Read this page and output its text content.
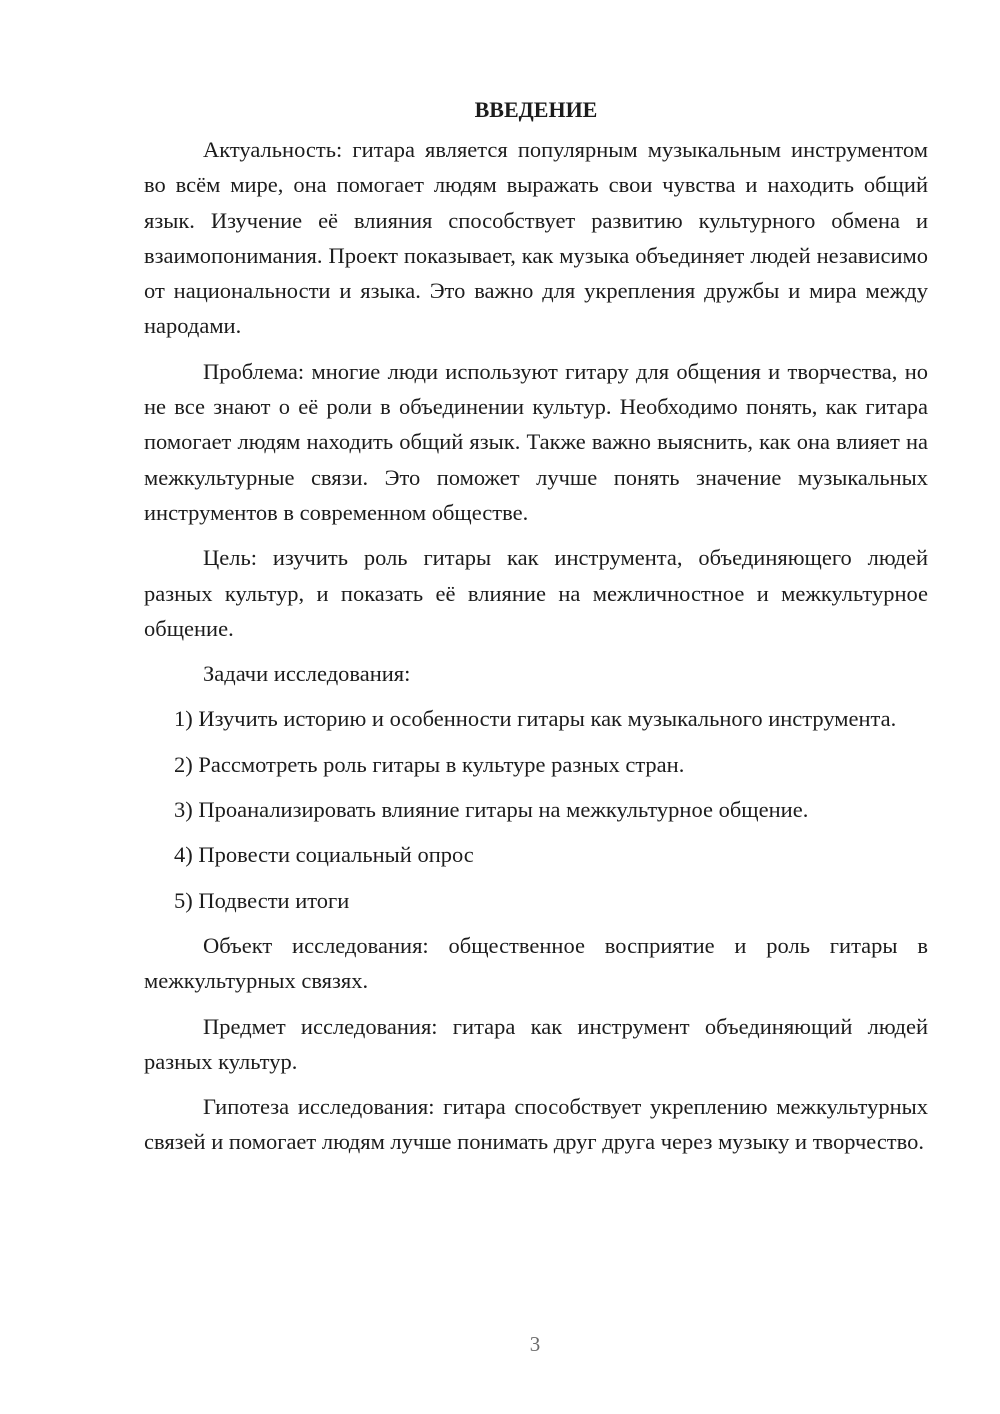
ВВЕДЕНИЕ

Актуальность: гитара является популярным музыкальным инструментом во всём мире, она помогает людям выражать свои чувства и находить общий язык. Изучение её влияния способствует развитию культурного обмена и взаимопонимания. Проект показывает, как музыка объединяет людей независимо от национальности и языка. Это важно для укрепления дружбы и мира между народами.

Проблема: многие люди используют гитару для общения и творчества, но не все знают о её роли в объединении культур. Необходимо понять, как гитара помогает людям находить общий язык. Также важно выяснить, как она влияет на межкультурные связи. Это поможет лучше понять значение музыкальных инструментов в современном обществе.

Цель: изучить роль гитары как инструмента, объединяющего людей разных культур, и показать её влияние на межличностное и межкультурное общение.

Задачи исследования:

1) Изучить историю и особенности гитары как музыкального инструмента.

2) Рассмотреть роль гитары в культуре разных стран.

3) Проанализировать влияние гитары на межкультурное общение.

4) Провести социальный опрос

5) Подвести итоги

Объект исследования: общественное восприятие и роль гитары в межкультурных связях.

Предмет исследования: гитара как инструмент объединяющий людей разных культур.

Гипотеза исследования: гитара способствует укреплению межкультурных связей и помогает людям лучше понимать друг друга через музыку и творчество.

3
